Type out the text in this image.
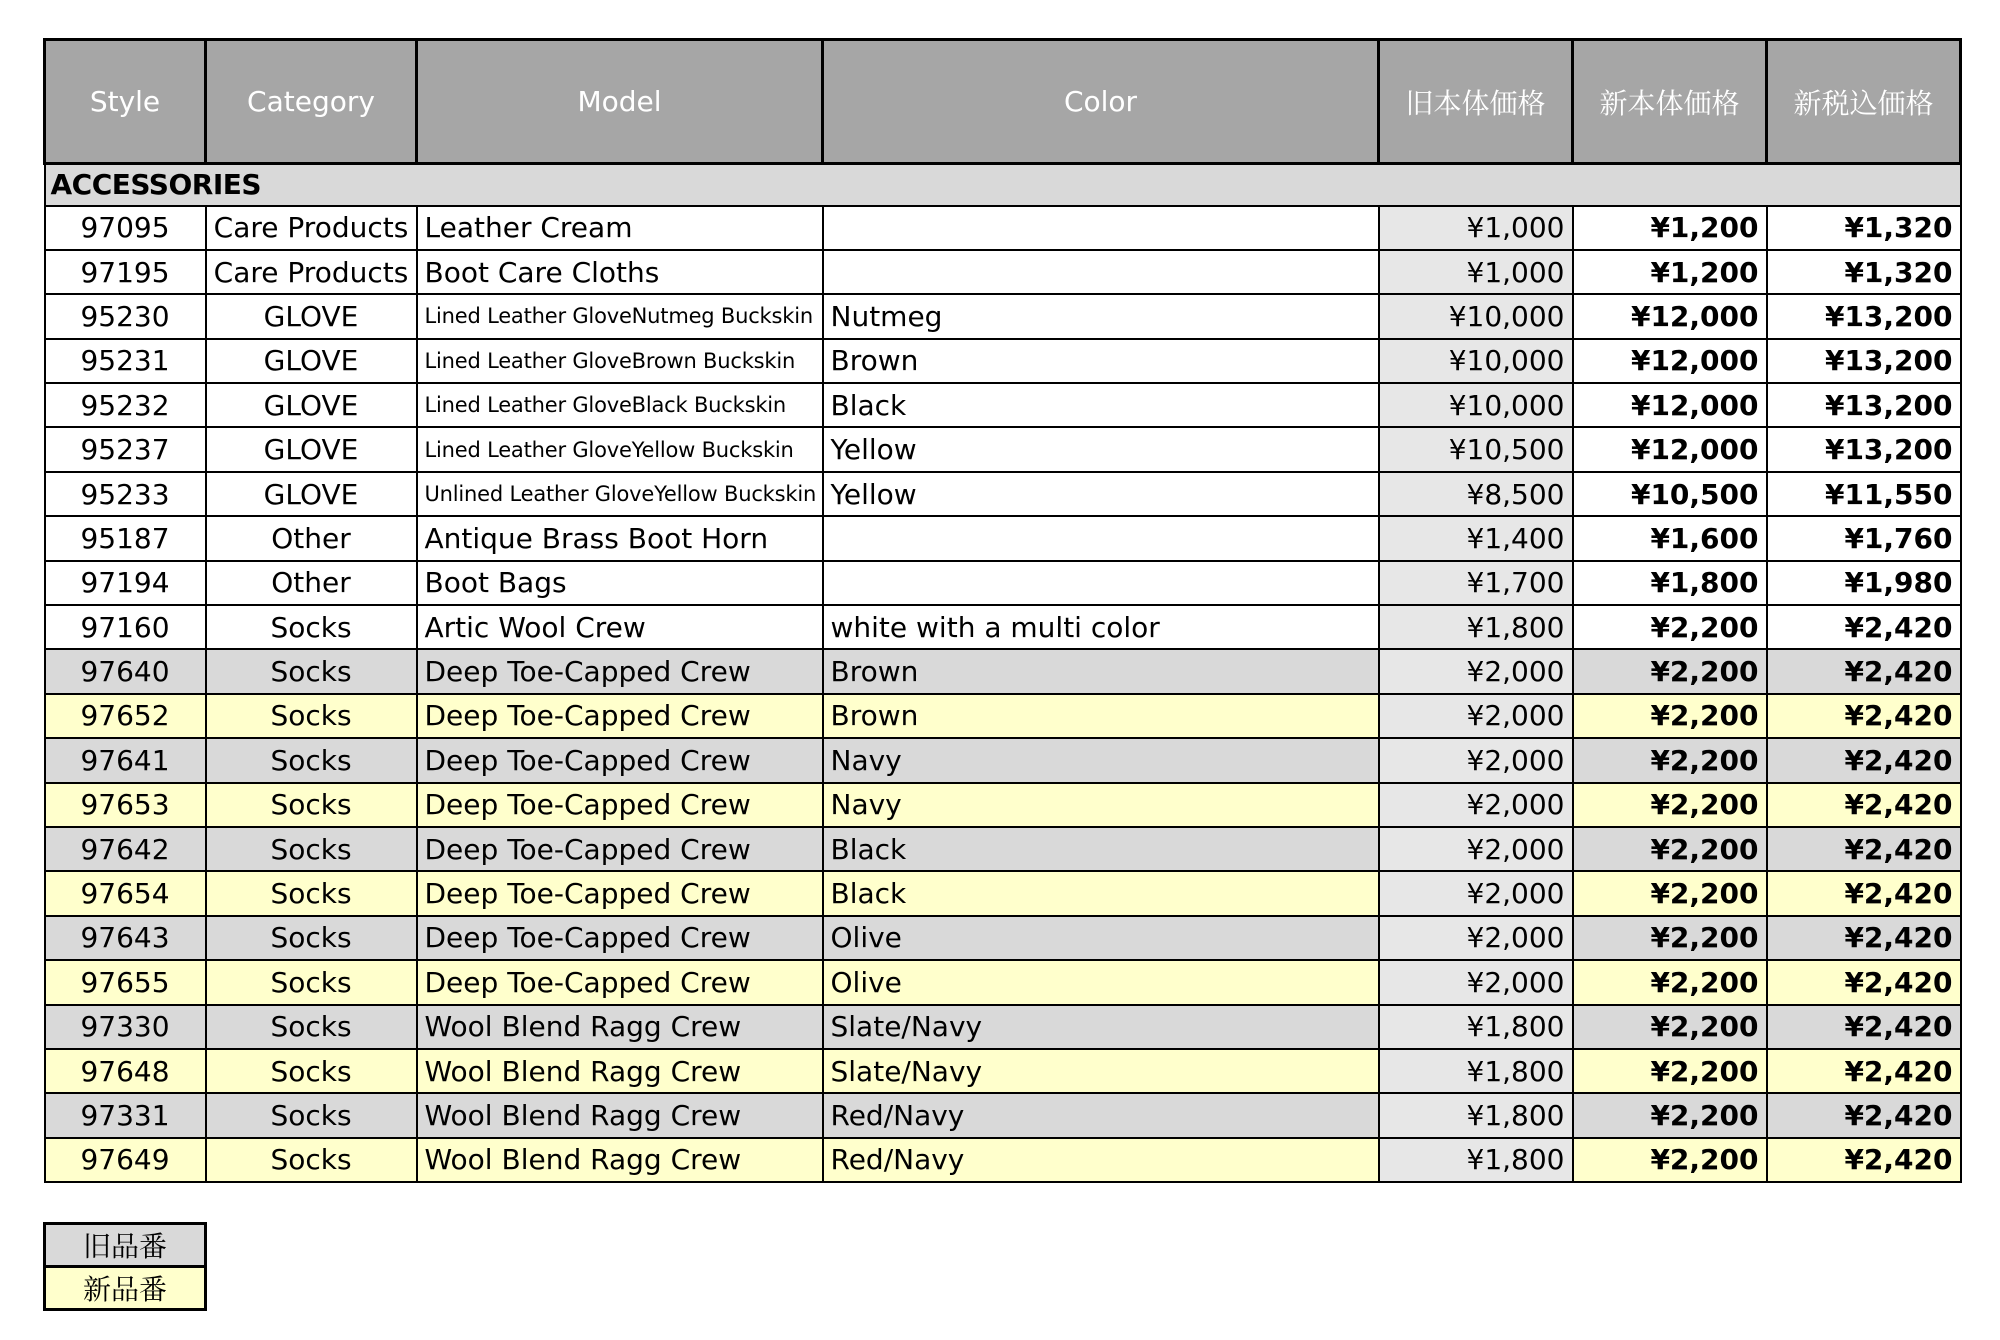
Style	Category	Model	Color	旧本体価格	新本体価格	新税込価格
ACCESSORIES						
97095	Care Products	Leather Cream		¥1,000	¥1,200	¥1,320
97195	Care Products	Boot Care Cloths		¥1,000	¥1,200	¥1,320
95230	GLOVE	Lined Leather GloveNutmeg Buckskin	Nutmeg	¥10,000	¥12,000	¥13,200
95231	GLOVE	Lined Leather GloveBrown Buckskin	Brown	¥10,000	¥12,000	¥13,200
95232	GLOVE	Lined Leather GloveBlack Buckskin	Black	¥10,000	¥12,000	¥13,200
95237	GLOVE	Lined Leather GloveYellow Buckskin	Yellow	¥10,500	¥12,000	¥13,200
95233	GLOVE	Unlined Leather GloveYellow Buckskin	Yellow	¥8,500	¥10,500	¥11,550
95187	Other	Antique Brass Boot Horn		¥1,400	¥1,600	¥1,760
97194	Other	Boot Bags		¥1,700	¥1,800	¥1,980
97160	Socks	Artic Wool Crew	white with a multi color	¥1,800	¥2,200	¥2,420
97640	Socks	Deep Toe-Capped Crew	Brown	¥2,000	¥2,200	¥2,420
97652	Socks	Deep Toe-Capped Crew	Brown	¥2,000	¥2,200	¥2,420
97641	Socks	Deep Toe-Capped Crew	Navy	¥2,000	¥2,200	¥2,420
97653	Socks	Deep Toe-Capped Crew	Navy	¥2,000	¥2,200	¥2,420
97642	Socks	Deep Toe-Capped Crew	Black	¥2,000	¥2,200	¥2,420
97654	Socks	Deep Toe-Capped Crew	Black	¥2,000	¥2,200	¥2,420
97643	Socks	Deep Toe-Capped Crew	Olive	¥2,000	¥2,200	¥2,420
97655	Socks	Deep Toe-Capped Crew	Olive	¥2,000	¥2,200	¥2,420
97330	Socks	Wool Blend Ragg Crew	Slate/Navy	¥1,800	¥2,200	¥2,420
97648	Socks	Wool Blend Ragg Crew	Slate/Navy	¥1,800	¥2,200	¥2,420
97331	Socks	Wool Blend Ragg Crew	Red/Navy	¥1,800	¥2,200	¥2,420
97649	Socks	Wool Blend Ragg Crew	Red/Navy	¥1,800	¥2,200	¥2,420
旧品番
新品番
